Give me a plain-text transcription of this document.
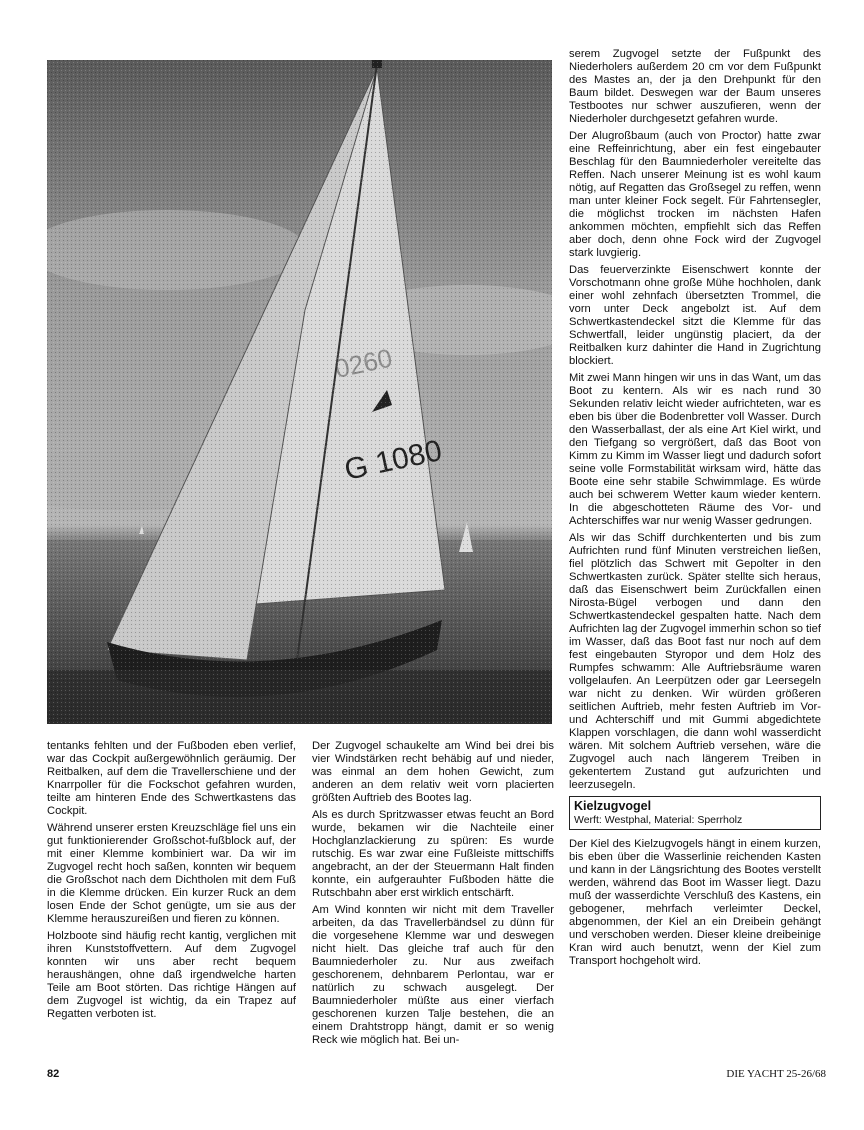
tentanks fehlten und der Fußboden eben verlief, war das Cockpit außergewöhnlich geräumig. Der Reitbalken, auf dem die Travellerschiene und der Knarrpoller für die Fockschot gefahren wurden, teilte am hinteren Ende des Schwertkastens das Cockpit.

Während unserer ersten Kreuzschläge fiel uns ein gut funktionierender Großschot-fußblock auf, der mit einer Klemme kombiniert war. Da wir im Zugvogel recht hoch saßen, konnten wir bequem die Großschot nach dem Dichtholen mit dem Fuß in die Klemme drücken. Ein kurzer Ruck an dem losen Ende der Schot genügte, um sie aus der Klemme herauszureißen und fieren zu können.

Holzboote sind häufig recht kantig, verglichen mit ihren Kunststoffvettern. Auf dem Zugvogel konnten wir uns aber recht bequem heraushängen, ohne daß irgendwelche harten Teile am Boot störten. Das richtige Hängen auf dem Zugvogel ist wichtig, da ein Trapez auf Regatten verboten ist.

Der Zugvogel schaukelte am Wind bei drei bis vier Windstärken recht behäbig auf und nieder, was einmal an dem hohen Gewicht, zum anderen an dem relativ weit vorn placierten größten Auftrieb des Bootes lag.

Als es durch Spritzwasser etwas feucht an Bord wurde, bekamen wir die Nachteile einer Hochglanzlackierung zu spüren: Es wurde rutschig. Es war zwar eine Fußleiste mittschiffs angebracht, an der der Steuermann Halt finden konnte, ein aufgerauhter Fußboden hätte die Rutschbahn aber erst wirklich entschärft.

Am Wind konnten wir nicht mit dem Traveller arbeiten, da das Travellerbändsel zu dünn für die vorgesehene Klemme war und deswegen nicht hielt. Das gleiche traf auch für den Baumniederholer zu. Nur aus zweifach geschorenem, dehnbarem Perlontau, war er natürlich zu schwach ausgelegt. Der Baumniederholer müßte aus einer vierfach geschorenen kurzen Talje bestehen, die an einem Drahtstropp hängt, damit er so wenig Reck wie möglich hat. Bei un-

serem Zugvogel setzte der Fußpunkt des Niederholers außerdem 20 cm vor dem Fußpunkt des Mastes an, der ja den Drehpunkt für den Baum bildet. Deswegen war der Baum unseres Testbootes nur schwer auszufieren, wenn der Niederholer durchgesetzt gefahren wurde.

Der Alugroßbaum (auch von Proctor) hatte zwar eine Reffeinrichtung, aber ein fest eingebauter Beschlag für den Baumniederholer vereitelte das Reffen. Nach unserer Meinung ist es wohl kaum nötig, auf Regatten das Großsegel zu reffen, wenn man unter kleiner Fock segelt. Für Fahrtensegler, die möglichst trocken im nächsten Hafen ankommen möchten, empfiehlt sich das Reffen aber doch, denn ohne Fock wird der Zugvogel stark luvgierig.

Das feuerverzinkte Eisenschwert konnte der Vorschotmann ohne große Mühe hochholen, dank einer wohl zehnfach übersetzten Trommel, die vorn unter Deck angebolzt ist. Auf dem Schwertkastendeckel sitzt die Klemme für das Schwertfall, leider ungünstig placiert, da der Reitbalken kurz dahinter die Hand in Zugrichtung blockiert.

Mit zwei Mann hingen wir uns in das Want, um das Boot zu kentern. Als wir es nach rund 30 Sekunden relativ leicht wieder aufrichteten, war es eben bis über die Bodenbretter voll Wasser. Durch den Wasserballast, der als eine Art Kiel wirkt, und den Tiefgang so vergrößert, daß das Boot von Kimm zu Kimm im Wasser liegt und dadurch sofort seine volle Formstabilität wirksam wird, hätte das Boote eine sehr stabile Schwimmlage. Es würde auch bei schwerem Wetter kaum wieder kentern. In die abgeschotteten Räume des Vor- und Achterschiffes war nur wenig Wasser gedrungen.

Als wir das Schiff durchkenterten und bis zum Aufrichten rund fünf Minuten verstreichen ließen, fiel plötzlich das Schwert mit Gepolter in den Schwertkasten zurück. Später stellte sich heraus, daß das Eisenschwert beim Zurückfallen einen Nirosta-Bügel verbogen und dann den Schwertkastendeckel gespalten hatte. Nach dem Aufrichten lag der Zugvogel immerhin schon so tief im Wasser, daß das Boot fast nur noch auf dem fest eingebauten Styropor und dem Holz des Rumpfes schwamm: Alle Auftriebsräume waren vollgelaufen. An Leerpützen oder gar Leersegeln war nicht zu denken. Wir würden größeren seitlichen Auftrieb, mehr festen Auftrieb im Vor- und Achterschiff und mit Gummi abgedichtete Klappen vorschlagen, die dann wohl wasserdicht wären. Mit solchem Auftrieb versehen, wäre die Zugvogel auch nach längerem Treiben in gekentertem Zustand gut aufzurichten und leerzusegeln.

Kielzugvogel
Werft: Westphal, Material: Sperrholz

Der Kiel des Kielzugvogels hängt in einem kurzen, bis eben über die Wasserlinie reichenden Kasten und kann in der Längsrichtung des Bootes verstellt werden, während das Boot im Wasser liegt. Dazu muß der wasserdichte Verschluß des Kastens, ein gebogener, mehrfach verleimter Deckel, abgenommen, der Kiel an ein Dreibein gehängt und verschoben werden. Dieser kleine dreibeinige Kran wird auch benutzt, wenn der Kiel zum Transport hochgeholt wird.

82	DIE YACHT 25-26/68
